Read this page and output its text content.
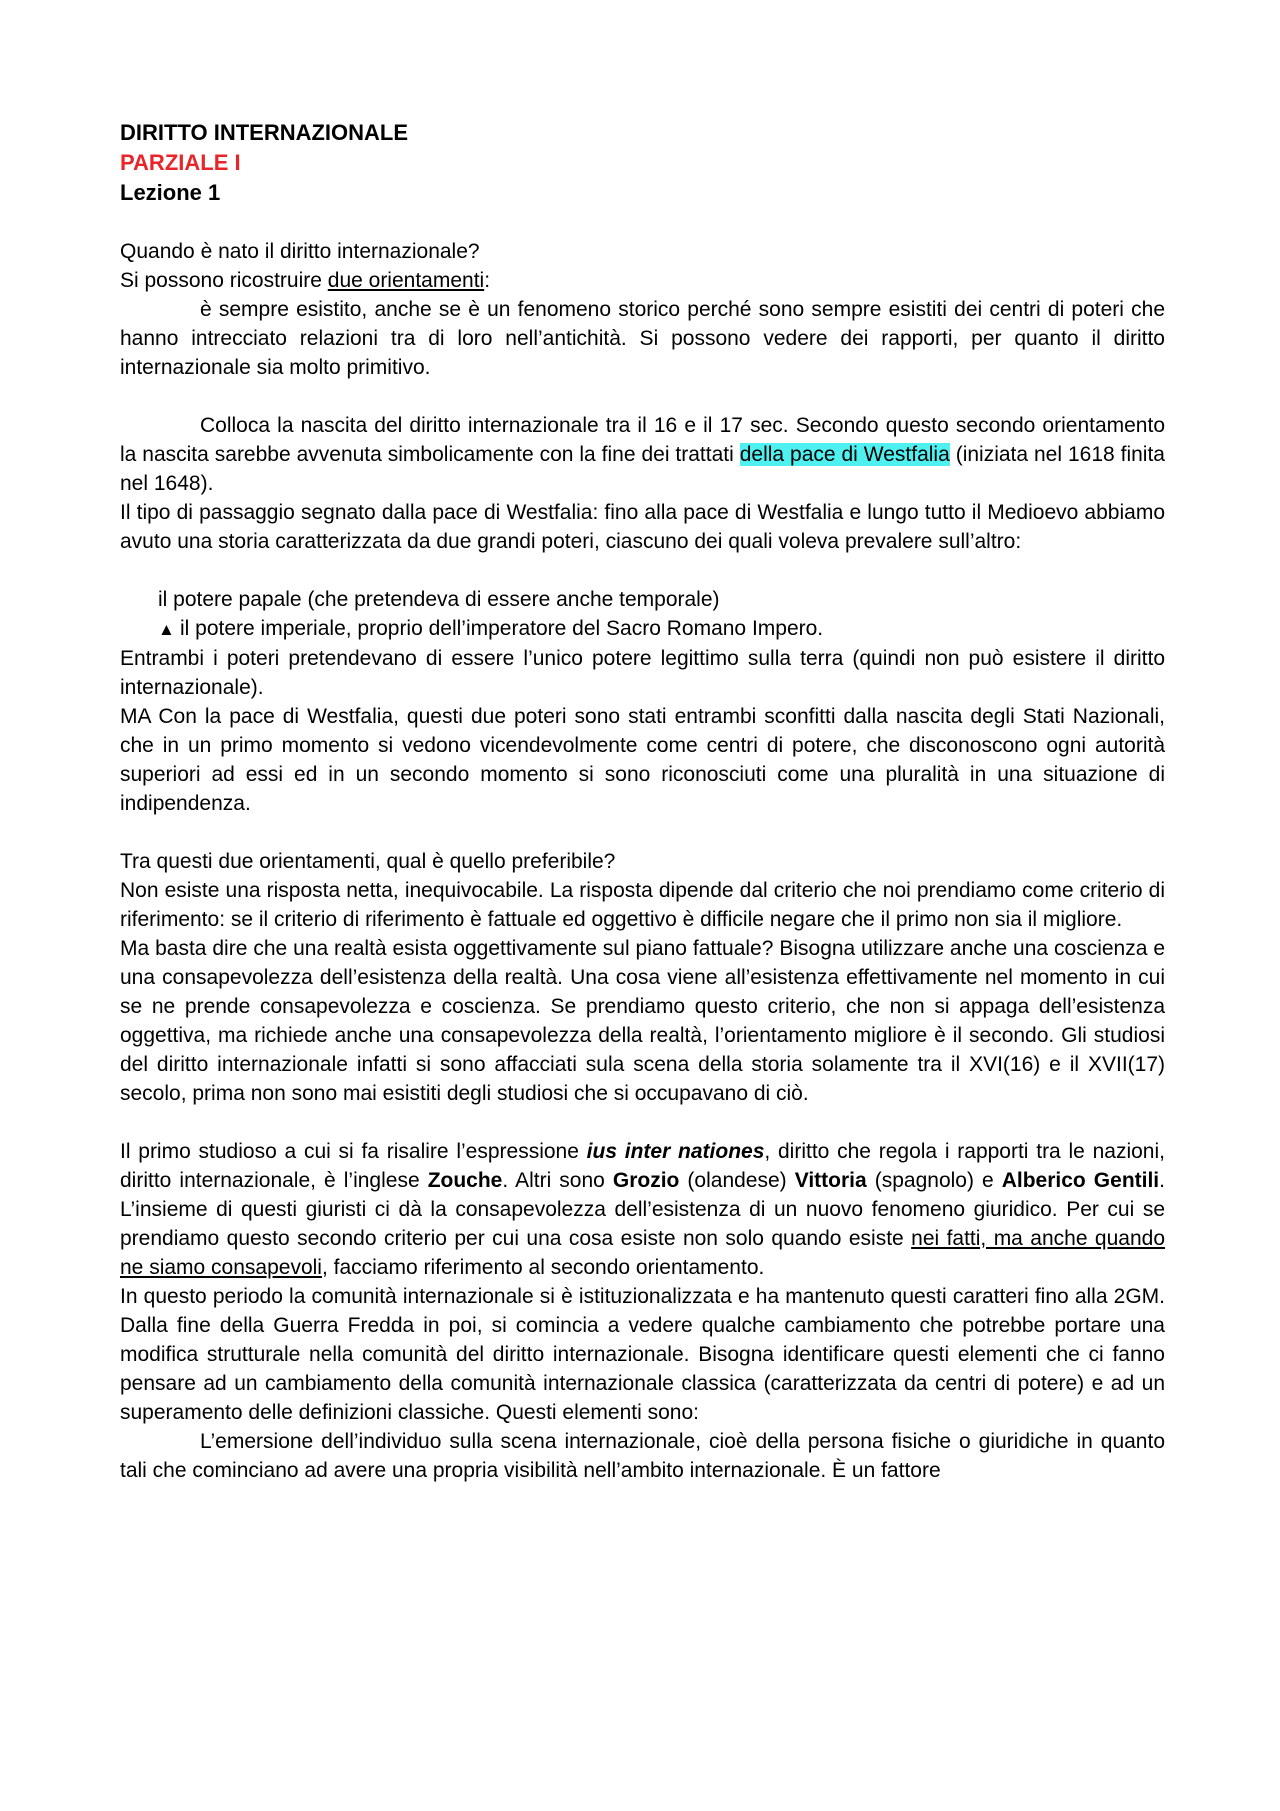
DIRITTO INTERNAZIONALE
PARZIALE I
Lezione 1

Quando è nato il diritto internazionale?

Si possono ricostruire due orientamenti:

è sempre esistito, anche se è un fenomeno storico perché sono sempre esistiti dei centri di poteri che hanno intrecciato relazioni tra di loro nell’antichità. Si possono vedere dei rapporti, per quanto il diritto internazionale sia molto primitivo.

Colloca la nascita del diritto internazionale tra il 16 e il 17 sec. Secondo questo secondo orientamento la nascita sarebbe avvenuta simbolicamente con la fine dei trattati della pace di Westfalia (iniziata nel 1618 finita nel 1648).

Il tipo di passaggio segnato dalla pace di Westfalia: fino alla pace di Westfalia e lungo tutto il Medioevo abbiamo avuto una storia caratterizzata da due grandi poteri, ciascuno dei quali voleva prevalere sull’altro:

il potere papale (che pretendeva di essere anche temporale)

▲ il potere imperiale, proprio dell’imperatore del Sacro Romano Impero.

Entrambi i poteri pretendevano di essere l’unico potere legittimo sulla terra (quindi non può esistere il diritto internazionale).

MA Con la pace di Westfalia, questi due poteri sono stati entrambi sconfitti dalla nascita degli Stati Nazionali, che in un primo momento si vedono vicendevolmente come centri di potere, che disconoscono ogni autorità superiori ad essi ed in un secondo momento si sono riconosciuti come una pluralità in una situazione di indipendenza.

Tra questi due orientamenti, qual è quello preferibile?

Non esiste una risposta netta, inequivocabile. La risposta dipende dal criterio che noi prendiamo come criterio di riferimento: se il criterio di riferimento è fattuale ed oggettivo è difficile negare che il primo non sia il migliore.

Ma basta dire che una realtà esista oggettivamente sul piano fattuale? Bisogna utilizzare anche una coscienza e una consapevolezza dell’esistenza della realtà. Una cosa viene all’esistenza effettivamente nel momento in cui se ne prende consapevolezza e coscienza. Se prendiamo questo criterio, che non si appaga dell’esistenza oggettiva, ma richiede anche una consapevolezza della realtà, l’orientamento migliore è il secondo. Gli studiosi del diritto internazionale infatti si sono affacciati sula scena della storia solamente tra il XVI(16) e il XVII(17) secolo, prima non sono mai esistiti degli studiosi che si occupavano di ciò.

Il primo studioso a cui si fa risalire l’espressione ius inter nationes, diritto che regola i rapporti tra le nazioni, diritto internazionale, è l’inglese Zouche. Altri sono Grozio (olandese) Vittoria (spagnolo) e Alberico Gentili. L’insieme di questi giuristi ci dà la consapevolezza dell’esistenza di un nuovo fenomeno giuridico. Per cui se prendiamo questo secondo criterio per cui una cosa esiste non solo quando esiste nei fatti, ma anche quando ne siamo consapevoli, facciamo riferimento al secondo orientamento.

In questo periodo la comunità internazionale si è istituzionalizzata e ha mantenuto questi caratteri fino alla 2GM. Dalla fine della Guerra Fredda in poi, si comincia a vedere qualche cambiamento che potrebbe portare una modifica strutturale nella comunità del diritto internazionale. Bisogna identificare questi elementi che ci fanno pensare ad un cambiamento della comunità internazionale classica (caratterizzata da centri di potere) e ad un superamento delle definizioni classiche. Questi elementi sono:

L’emersione dell’individuo sulla scena internazionale, cioè della persona fisiche o giuridiche in quanto tali che cominciano ad avere una propria visibilità nell’ambito internazionale. È un fattore
